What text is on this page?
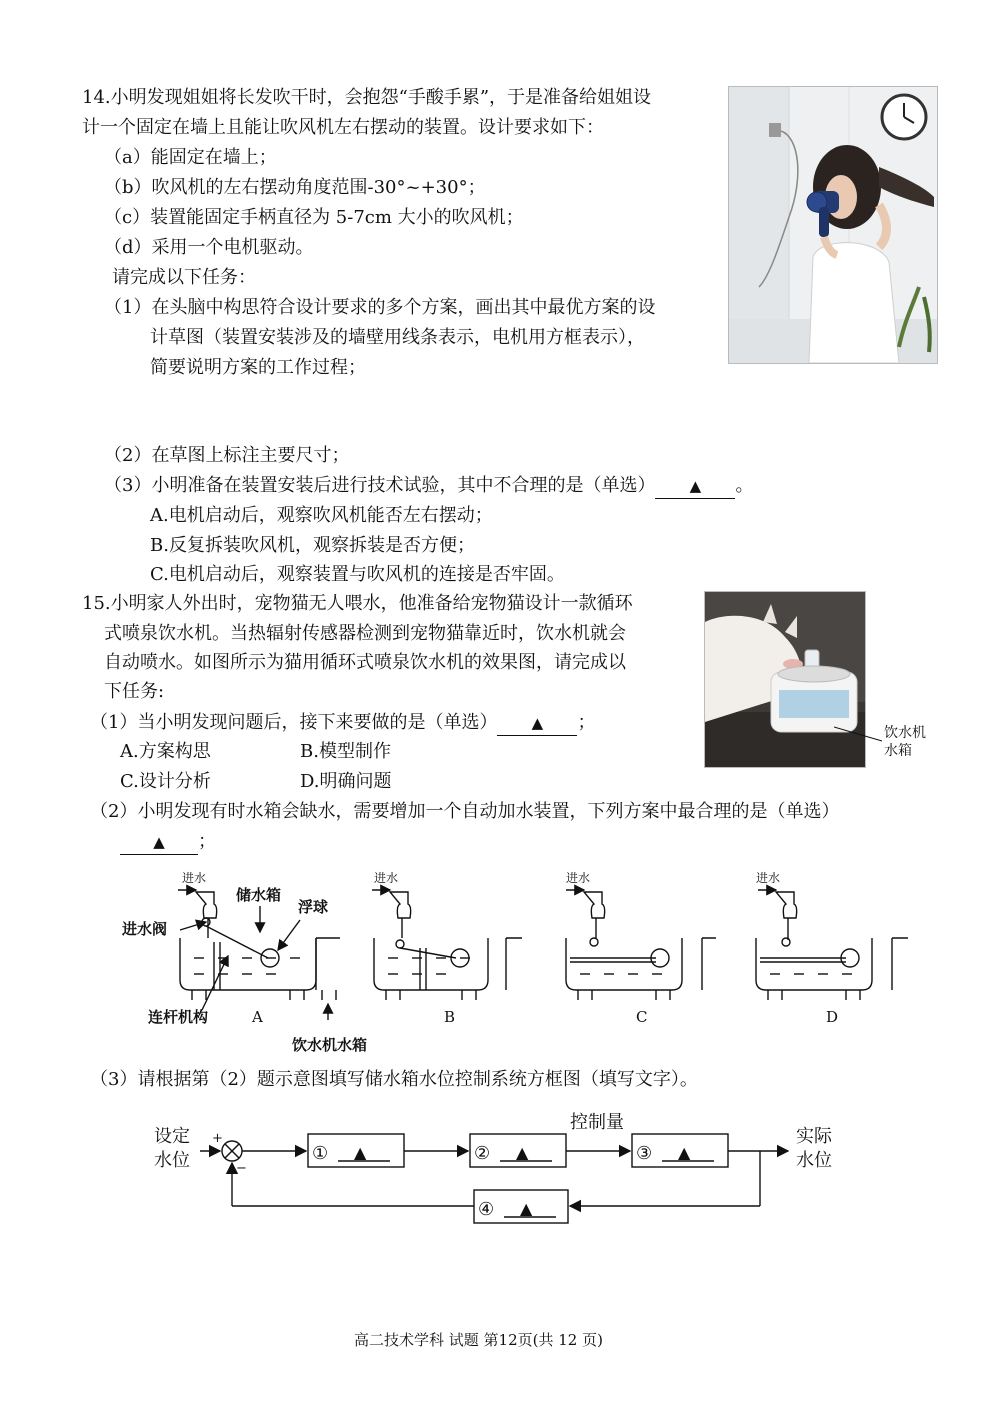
14.小明发现姐姐将长发吹干时，会抱怨“手酸手累”，于是准备给姐姐设
计一个固定在墙上且能让吹风机左右摆动的装置。设计要求如下：
（a）能固定在墙上；
（b）吹风机的左右摆动角度范围-30°~+30°；
（c）装置能固定手柄直径为 5-7cm 大小的吹风机；
（d）采用一个电机驱动。
请完成以下任务：
（1）在头脑中构思符合设计要求的多个方案，画出其中最优方案的设
计草图（装置安装涉及的墙壁用线条表示，电机用方框表示），
简要说明方案的工作过程；
（2）在草图上标注主要尺寸；
（3）小明准备在装置安装后进行技术试验，其中不合理的是（单选） ▲ 。
A.电机启动后，观察吹风机能否左右摆动；
B.反复拆装吹风机，观察拆装是否方便；
C.电机启动后，观察装置与吹风机的连接是否牢固。
15.小明家人外出时，宠物猫无人喂水，他准备给宠物猫设计一款循环
式喷泉饮水机。当热辐射传感器检测到宠物猫靠近时，饮水机就会
自动喷水。如图所示为猫用循环式喷泉饮水机的效果图，请完成以
下任务:
（1）当小明发现问题后，接下来要做的是（单选） ▲ ；
A.方案构思	B.模型制作
C.设计分析	D.明确问题
（2）小明发现有时水箱会缺水，需要增加一个自动加水装置，下列方案中最合理的是（单选）
▲ ；
饮水机
水箱
进水	进水	进水	进水
储水箱
浮球
进水阀
连杆机构
饮水机水箱
A	B	C	D
（3）请根据第（2）题示意图填写储水箱水位控制系统方框图（填写文字）。
设定
水位
控制量
实际
水位
①	②	③
④
▲	▲	▲
▲
+
−
高二技术学科 试题 第12页(共 12 页)
